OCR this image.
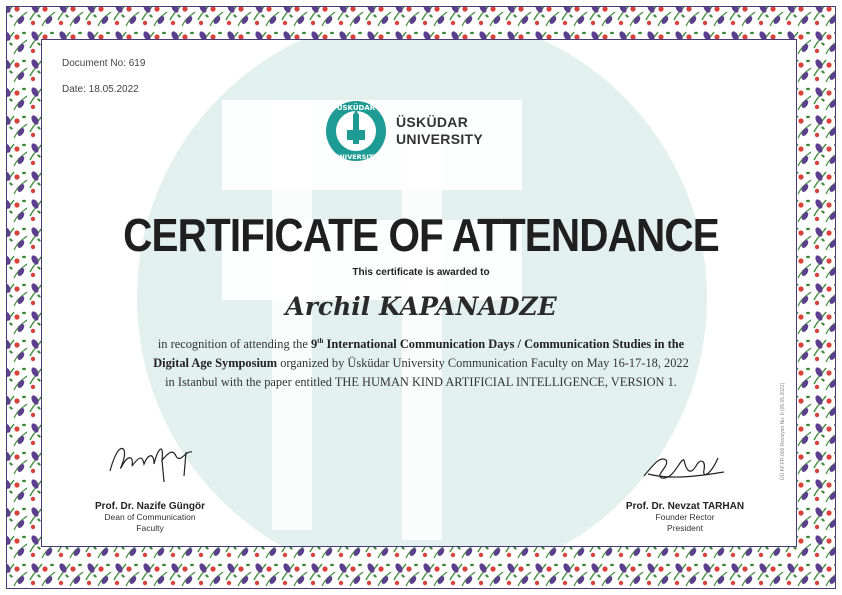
Document No: 619
Date: 18.05.2022
ÜSKÜDAR
UNIVERSITY
ÜSKÜDAR
UNIVERSITY
CERTIFICATE OF ATTENDANCE
This certificate is awarded to
Archil KAPANADZE
in recognition of attending the 9th International Communication Days / Communication Studies in the Digital Age Symposium organized by Üsküdar University Communication Faculty on May 16-17-18, 2022 in Istanbul with the paper entitled THE HUMAN KIND ARTIFICIAL INTELLIGENCE, VERSION 1.
Prof. Dr. Nazife Güngör
Dean of Communication
Faculty
Prof. Dr. Nevzat TARHAN
Founder Rector
President
ÜÜ.KF.FR.006 Revizyon No: 0 (05.05.2022)
